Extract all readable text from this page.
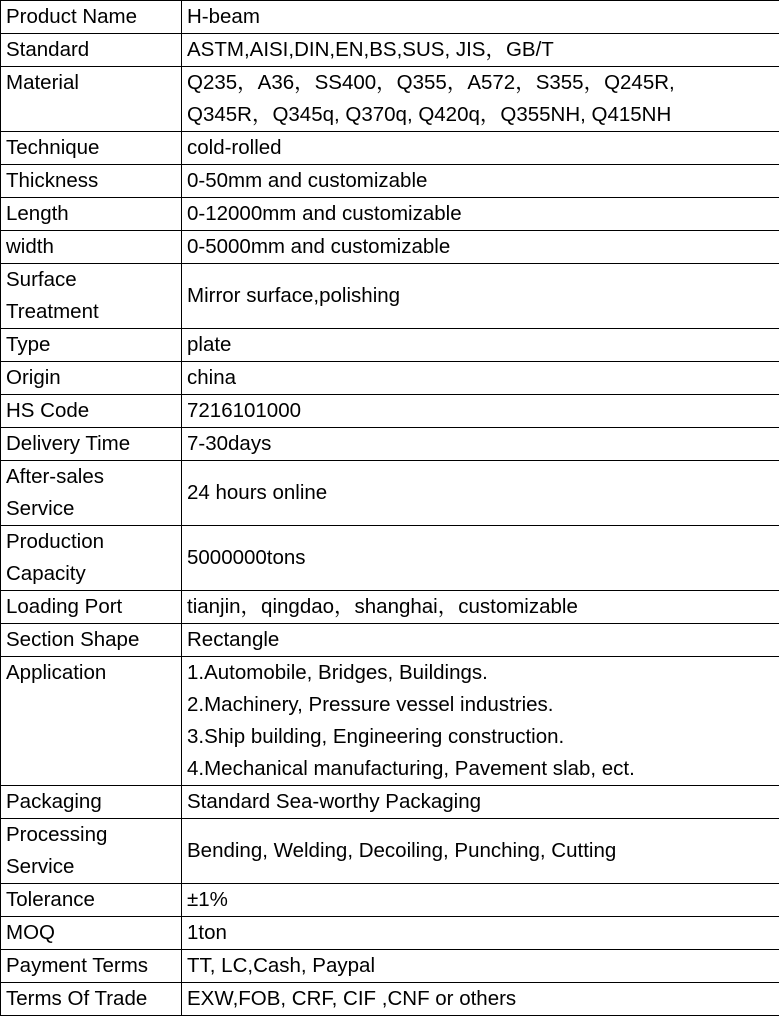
Product Name	H-beam

Standard	ASTM,AISI,DIN,EN,BS,SUS, JIS，GB/T

Material	Q235，A36，SS400，Q355，A572，S355，Q245R,
Q345R，Q345q, Q370q, Q420q，Q355NH, Q415NH

Technique	cold-rolled

Thickness	0-50mm and customizable

Length	0-12000mm and customizable

width	0-5000mm and customizable

Surface
Treatment	Mirror surface,polishing

Type	plate

Origin	china

HS Code	7216101000

Delivery Time	7-30days

After-sales
Service	24 hours online

Production
Capacity	5000000tons

Loading Port	tianjin，qingdao，shanghai，customizable

Section Shape	Rectangle

Application	1.Automobile, Bridges, Buildings.
2.Machinery, Pressure vessel industries.
3.Ship building, Engineering construction.
4.Mechanical manufacturing, Pavement slab, ect.

Packaging	Standard Sea-worthy Packaging

Processing
Service	Bending, Welding, Decoiling, Punching, Cutting

Tolerance	±1%

MOQ	1ton

Payment Terms	TT, LC,Cash, Paypal

Terms Of Trade	EXW,FOB, CRF, CIF ,CNF or others
